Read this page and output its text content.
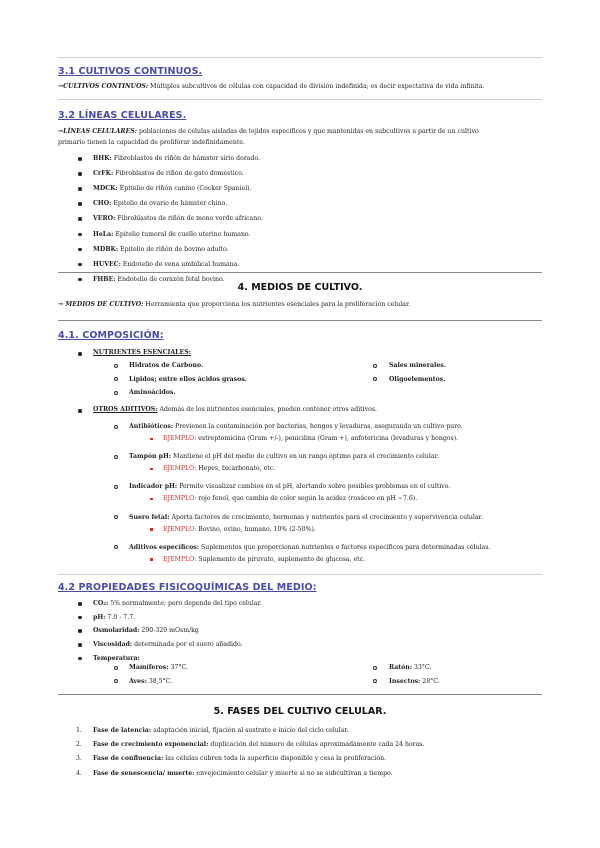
3.1 CULTIVOS CONTINUOS.
→CULTIVOS CONTINUOS: Múltiples subcultivos de células con capacidad de división indefinida; es decir expectativa de vida infinita.
3.2 LÍNEAS CELULARES.
→LÍNEAS CELULARES: poblaciones de células aisladas de tejidos específicos y que mantenidas en subcultivos a partir de un cultivo
primario tienen la capacidad de proliferar indefinidamente.
BHK: Fibroblastos de riñón de hámster sirio dorado.
CrFK: Fibroblastos de riñón de gato doméstico.
MDCK: Epitelio de riñón canino (Cocker Spaniel).
CHO: Epitelio de ovario de hámster chino.
VERO: Fibroblastos de riñón de mono verde africano.
HeLa: Epitelio tumoral de cuello uterino humano.
MDBK: Epitelio de riñón de bovino adulto.
HUVEC: Endotelio de vena umbilical humana.
FHBE: Endotelio de corazón fetal bovino.
4. MEDIOS DE CULTIVO.
→ MEDIOS DE CULTIVO: Herramienta que proporciona los nutrientes esenciales para la proliferación celular.
4.1. COMPOSICIÓN:
NUTRIENTES ESENCIALES:
Hidratos de Carbono.
Lípidos; entre ellos ácidos grasos.
Aminoácidos.
Sales minerales.
Oligoelementos.
OTROS ADITIVOS: Además de los nutrientes esenciales, pueden contener otros aditivos.
Antibióticos: Previenen la contaminación por bacterias, hongos y levaduras, asegurando un cultivo puro.
EJEMPLO: estreptomicina (Gram +/-), penicilina (Gram +), anfotericina (levaduras y hongos).
Tampón pH: Mantiene el pH del medio de cultivo en un rango óptimo para el crecimiento celular.
EJEMPLO: Hepes, bicarbonato, etc.
Indicador pH: Permite visualizar cambios en el pH, alertando sobre posibles problemas en el cultivo.
EJEMPLO: rojo fenol, que cambia de color según la acidez (rosáceo en pH ~7.6).
Suero fetal: Aporta factores de crecimiento, hormonas y nutrientes para el crecimiento y supervivencia celular.
EJEMPLO: Bovino, ovino, humano. 10% (2-50%).
Aditivos específicos: Suplementos que proporcionan nutrientes o factores específicos para determinadas células.
EJEMPLO: Suplemento de piruvato, suplemento de glucosa, etc.
4.2 PROPIEDADES FISICOQUÍMICAS DEL MEDIO:
CO₂: 5% normalmente; pero depende del tipo celular.
pH: 7.0 - 7.7.
Osmolaridad: 290-320 mOsm/kg
Viscosidad: determinada por el suero añadido.
Temperatura:
Mamíferos: 37°C.
Aves: 38,5°C.
Ratón: 33°C.
Insectos: 28°C.
5. FASES DEL CULTIVO CELULAR.
1. Fase de latencia: adaptación inicial, fijación al sustrato e inicio del ciclo celular.
2. Fase de crecimiento exponencial: duplicación del número de células aproximadamente cada 24 horas.
3. Fase de confluencia: las células cubren toda la superficie disponible y cesa la proliferación.
4. Fase de senescencia/ muerte: envejecimiento celular y muerte si no se subcultivan a tiempo.
